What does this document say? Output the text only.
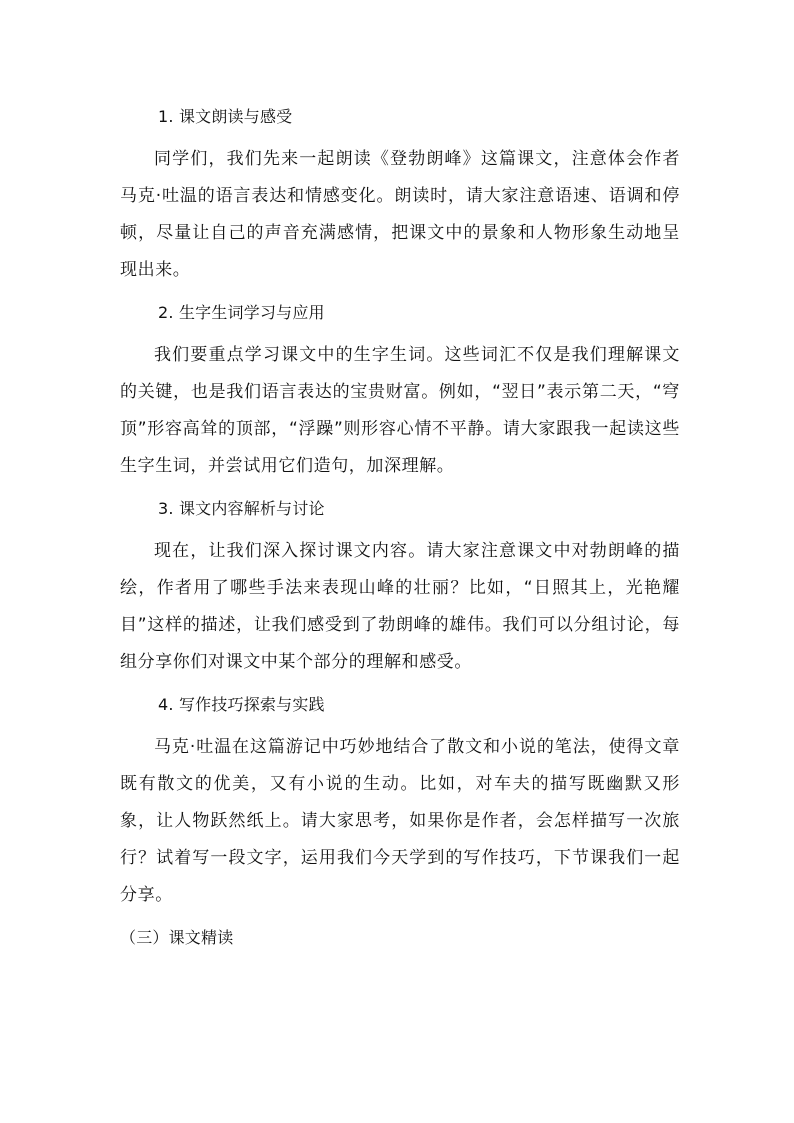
1. 课文朗读与感受

同学们，我们先来一起朗读《登勃朗峰》这篇课文，注意体会作者马克·吐温的语言表达和情感变化。朗读时，请大家注意语速、语调和停顿，尽量让自己的声音充满感情，把课文中的景象和人物形象生动地呈现出来。

2. 生字生词学习与应用

我们要重点学习课文中的生字生词。这些词汇不仅是我们理解课文的关键，也是我们语言表达的宝贵财富。例如，“翌日”表示第二天，“穹顶”形容高耸的顶部，“浮躁”则形容心情不平静。请大家跟我一起读这些生字生词，并尝试用它们造句，加深理解。

3. 课文内容解析与讨论

现在，让我们深入探讨课文内容。请大家注意课文中对勃朗峰的描绘，作者用了哪些手法来表现山峰的壮丽？比如，“日照其上，光艳耀目”这样的描述，让我们感受到了勃朗峰的雄伟。我们可以分组讨论，每组分享你们对课文中某个部分的理解和感受。

4. 写作技巧探索与实践

马克·吐温在这篇游记中巧妙地结合了散文和小说的笔法，使得文章既有散文的优美，又有小说的生动。比如，对车夫的描写既幽默又形象，让人物跃然纸上。请大家思考，如果你是作者，会怎样描写一次旅行？试着写一段文字，运用我们今天学到的写作技巧，下节课我们一起分享。

（三）课文精读
